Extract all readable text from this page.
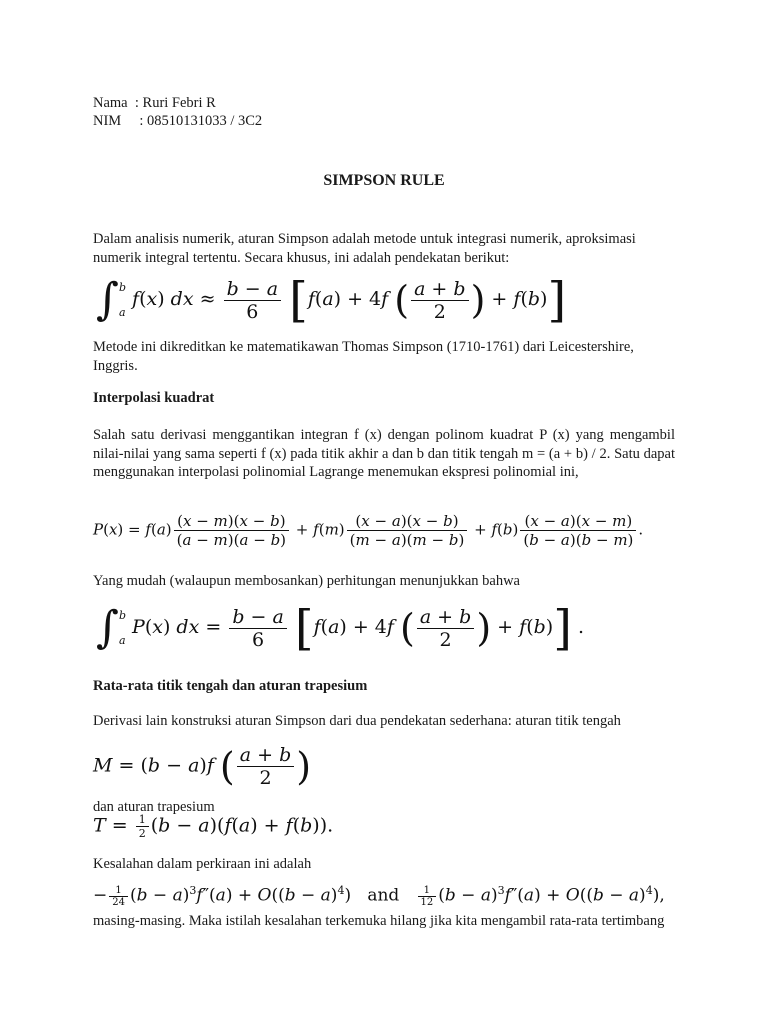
Nama  : Ruri Febri R
NIM     : 08510131033 / 3C2
SIMPSON RULE
Dalam analisis numerik, aturan Simpson adalah metode untuk integrasi numerik, aproksimasi numerik integral tertentu. Secara khusus, ini adalah pendekatan berikut:
∫ b
a
f(x) dx ≈ $\frac{b - a}{6} [f(a) + 4f$ ( $\frac{a + b}{2}$ ) + f(b)]
Metode ini dikreditkan ke matematikawan Thomas Simpson (1710-1761) dari Leicestershire, Inggris.
Interpolasi kuadrat
Salah satu derivasi menggantikan integran f (x) dengan polinom kuadrat P (x) yang mengambil nilai-nilai yang sama seperti f (x) pada titik akhir a dan b dan titik tengah m = (a + b) / 2. Satu dapat menggunakan interpolasi polinomial Lagrange menemukan ekspresi polinomial ini,
$P(x) = f(a) \frac{(x - m)(x - b)}{(a - m)(a - b)} + f(m) \frac{(x - a)(x - b)}{(m - a)(m - b)} + f(b) \frac{(x - a)(x - m)}{(b - a)(b - m)}$ .
Yang mudah (walaupun membosankan) perhitungan menunjukkan bahwa
∫ b
a
P(x) dx = $\frac{b - a}{6} [f(a) + 4f$ ( $\frac{a + b}{2}$ ) + f(b)] .
Rata-rata titik tengah dan aturan trapesium
Derivasi lain konstruksi aturan Simpson dari dua pendekatan sederhana: aturan titik tengah
M = (b − a)f ( $\frac{a + b}{2}$ )
dan aturan trapesium
$T = \frac{1}{2} (b - a)(f(a) + f(b))$.
Kesalahan dalam perkiraan ini adalah
− $\frac{1}{24} (b - a)^3f''(a) + O((b - a)^4)$   and $\frac{1}{12} (b - a)^3f''(a) + O((b - a)^4)$,
masing-masing. Maka istilah kesalahan terkemuka hilang jika kita mengambil rata-rata tertimbang
